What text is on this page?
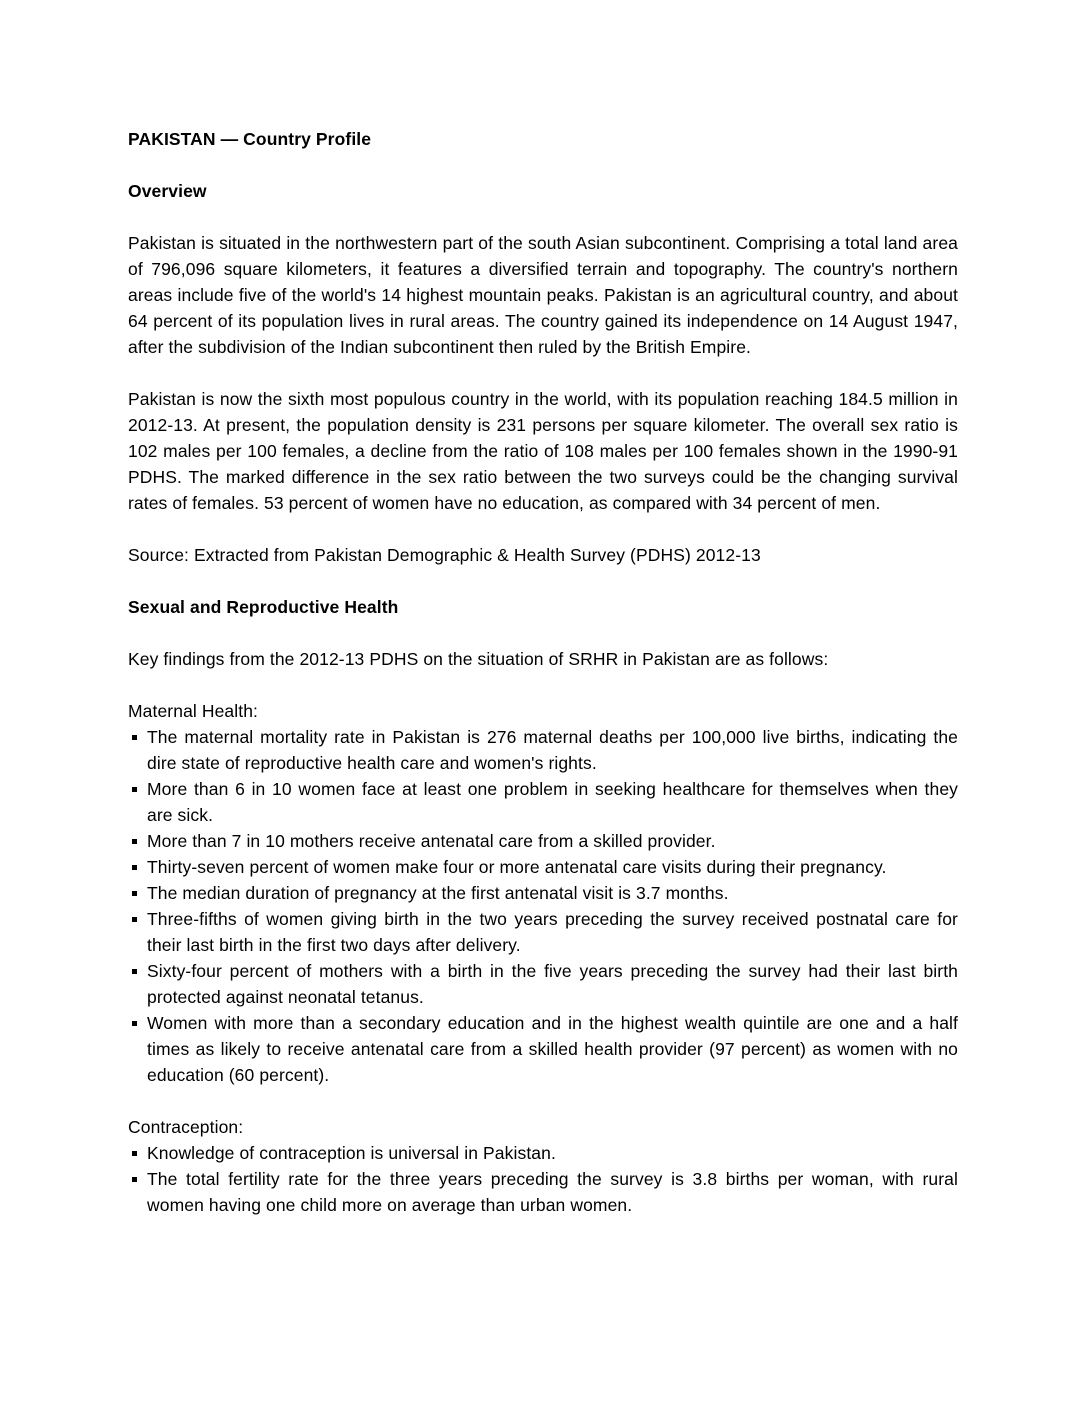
PAKISTAN — Country Profile
Overview

Pakistan is situated in the northwestern part of the south Asian subcontinent. Comprising a total land area of 796,096 square kilometers, it features a diversified terrain and topography. The country's northern areas include five of the world's 14 highest mountain peaks. Pakistan is an agricultural country, and about 64 percent of its population lives in rural areas. The country gained its independence on 14 August 1947, after the subdivision of the Indian subcontinent then ruled by the British Empire.

Pakistan is now the sixth most populous country in the world, with its population reaching 184.5 million in 2012-13. At present, the population density is 231 persons per square kilometer. The overall sex ratio is 102 males per 100 females, a decline from the ratio of 108 males per 100 females shown in the 1990-91 PDHS. The marked difference in the sex ratio between the two surveys could be the changing survival rates of females. 53 percent of women have no education, as compared with 34 percent of men.

Source: Extracted from Pakistan Demographic & Health Survey (PDHS) 2012-13

Sexual and Reproductive Health

Key findings from the 2012-13 PDHS on the situation of SRHR in Pakistan are as follows:

Maternal Health:
The maternal mortality rate in Pakistan is 276 maternal deaths per 100,000 live births, indicating the dire state of reproductive health care and women's rights.
More than 6 in 10 women face at least one problem in seeking healthcare for themselves when they are sick.
More than 7 in 10 mothers receive antenatal care from a skilled provider.
Thirty-seven percent of women make four or more antenatal care visits during their pregnancy.
The median duration of pregnancy at the first antenatal visit is 3.7 months.
Three-fifths of women giving birth in the two years preceding the survey received postnatal care for their last birth in the first two days after delivery.
Sixty-four percent of mothers with a birth in the five years preceding the survey had their last birth protected against neonatal tetanus.
Women with more than a secondary education and in the highest wealth quintile are one and a half times as likely to receive antenatal care from a skilled health provider (97 percent) as women with no education (60 percent).
Contraception:
Knowledge of contraception is universal in Pakistan.
The total fertility rate for the three years preceding the survey is 3.8 births per woman, with rural women having one child more on average than urban women.
